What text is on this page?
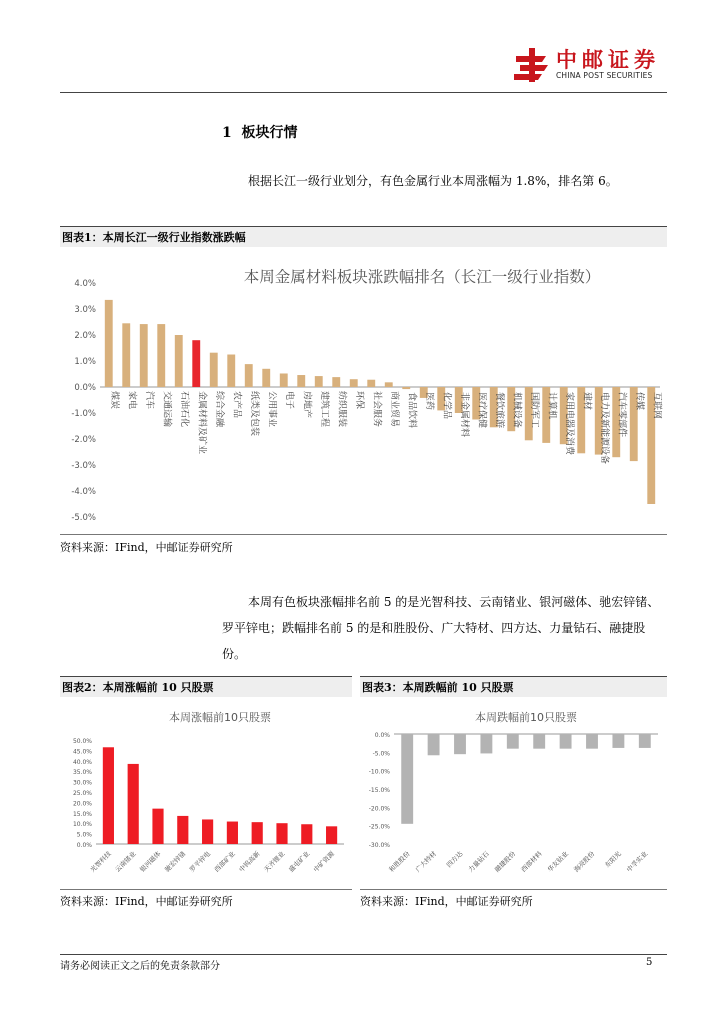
中邮证券
CHINA POST SECURITIES
1 板块行情
根据长江一级行业划分，有色金属行业本周涨幅为 1.8%，排名第 6。
图表1：本周长江一级行业指数涨跌幅
本周金属材料板块涨跌幅排名（长江一级行业指数）
-5.0%
-4.0%
-3.0%
-2.0%
-1.0%
0.0%
1.0%
2.0%
3.0%
4.0%
煤炭 家电 汽车 交通运输 石油石化 金属材料及矿业 综合金融 农产品 纸类及包装 公用事业 电子 房地产 建筑工程 纺织服装 环保 社会服务 商业贸易 食品饮料 医药 化学品 非金属材料 医疗保健 餐饮旅游 机械设备 国防军工 计算机 家用电器及消费 建材 电力及新能源设备 汽车零部件 传媒 互联网
资料来源：IFind，中邮证券研究所
本周有色板块涨幅排名前 5 的是光智科技、云南锗业、银河磁体、驰宏锌锗、罗平锌电；跌幅排名前 5 的是和胜股份、广大特材、四方达、力量钻石、融捷股份。
图表2：本周涨幅前 10 只股票
本周涨幅前10只股票
0.0%
5.0%
10.0%
15.0%
20.0%
25.0%
30.0%
35.0%
40.0%
45.0%
50.0%
光智科技 云南锗业 银河磁体 驰宏锌锗 罗平锌电 西部矿业 中钨高新 天齐锂业 盛屯矿业 中矿资源
资料来源：IFind，中邮证券研究所
图表3：本周跌幅前 10 只股票
本周跌幅前10只股票
-30.0%
-25.0%
-20.0%
-15.0%
-10.0%
-5.0%
0.0%
和胜股份 广大特材 四方达 力量钻石 融捷股份 西部材料 华友钴业 海亮股份 东阳光 中孚实业
资料来源：IFind，中邮证券研究所
请务必阅读正文之后的免责条款部分	5
